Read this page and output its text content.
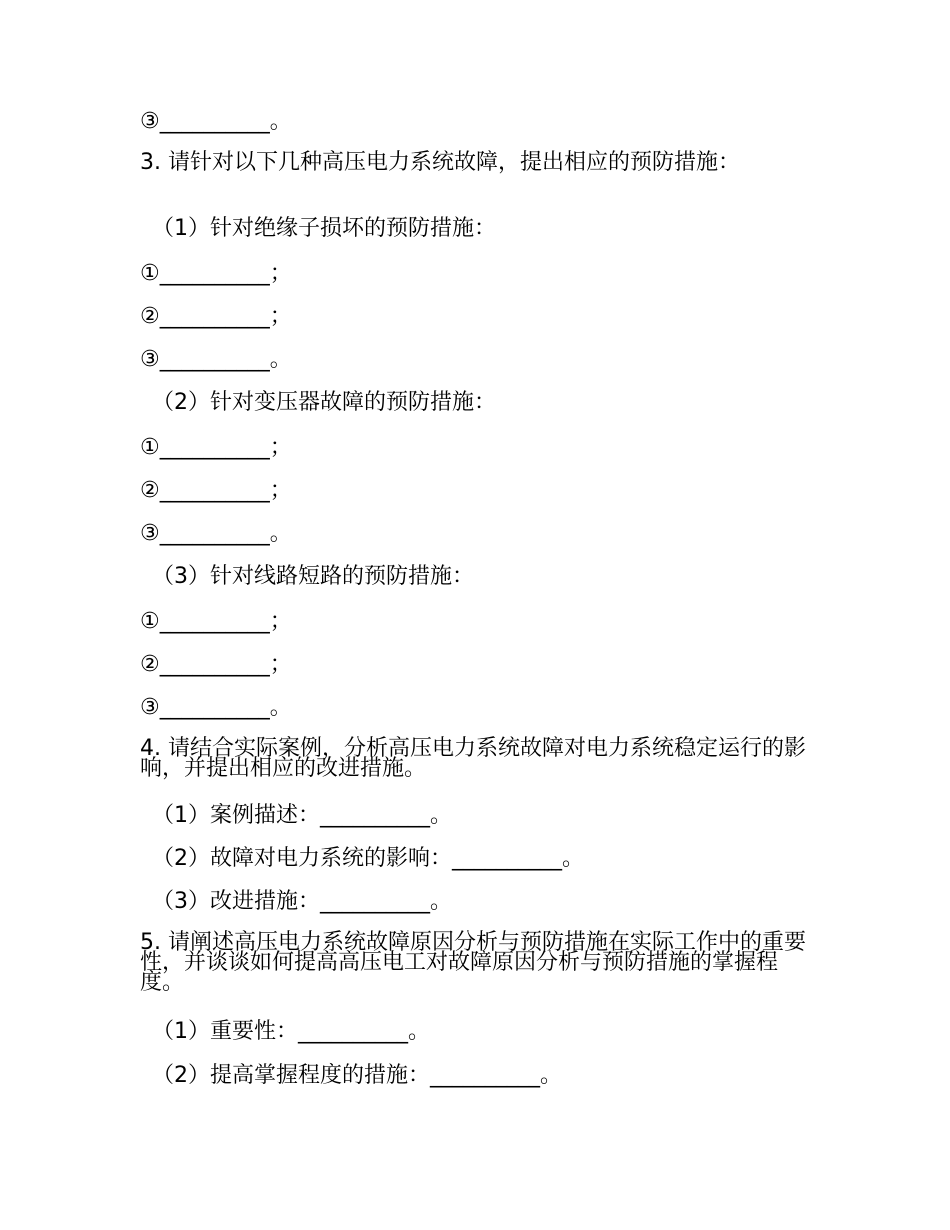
③__________。

3. 请针对以下几种高压电力系统故障，提出相应的预防措施：

（1）针对绝缘子损坏的预防措施：

①__________；

②__________；

③__________。

（2）针对变压器故障的预防措施：

①__________；

②__________；

③__________。

（3）针对线路短路的预防措施：

①__________；

②__________；

③__________。

4. 请结合实际案例，分析高压电力系统故障对电力系统稳定运行的影响，并提出相应的改进措施。

（1）案例描述：__________。

（2）故障对电力系统的影响：__________。

（3）改进措施：__________。

5. 请阐述高压电力系统故障原因分析与预防措施在实际工作中的重要性，并谈谈如何提高高压电工对故障原因分析与预防措施的掌握程度。

（1）重要性：__________。

（2）提高掌握程度的措施：__________。
